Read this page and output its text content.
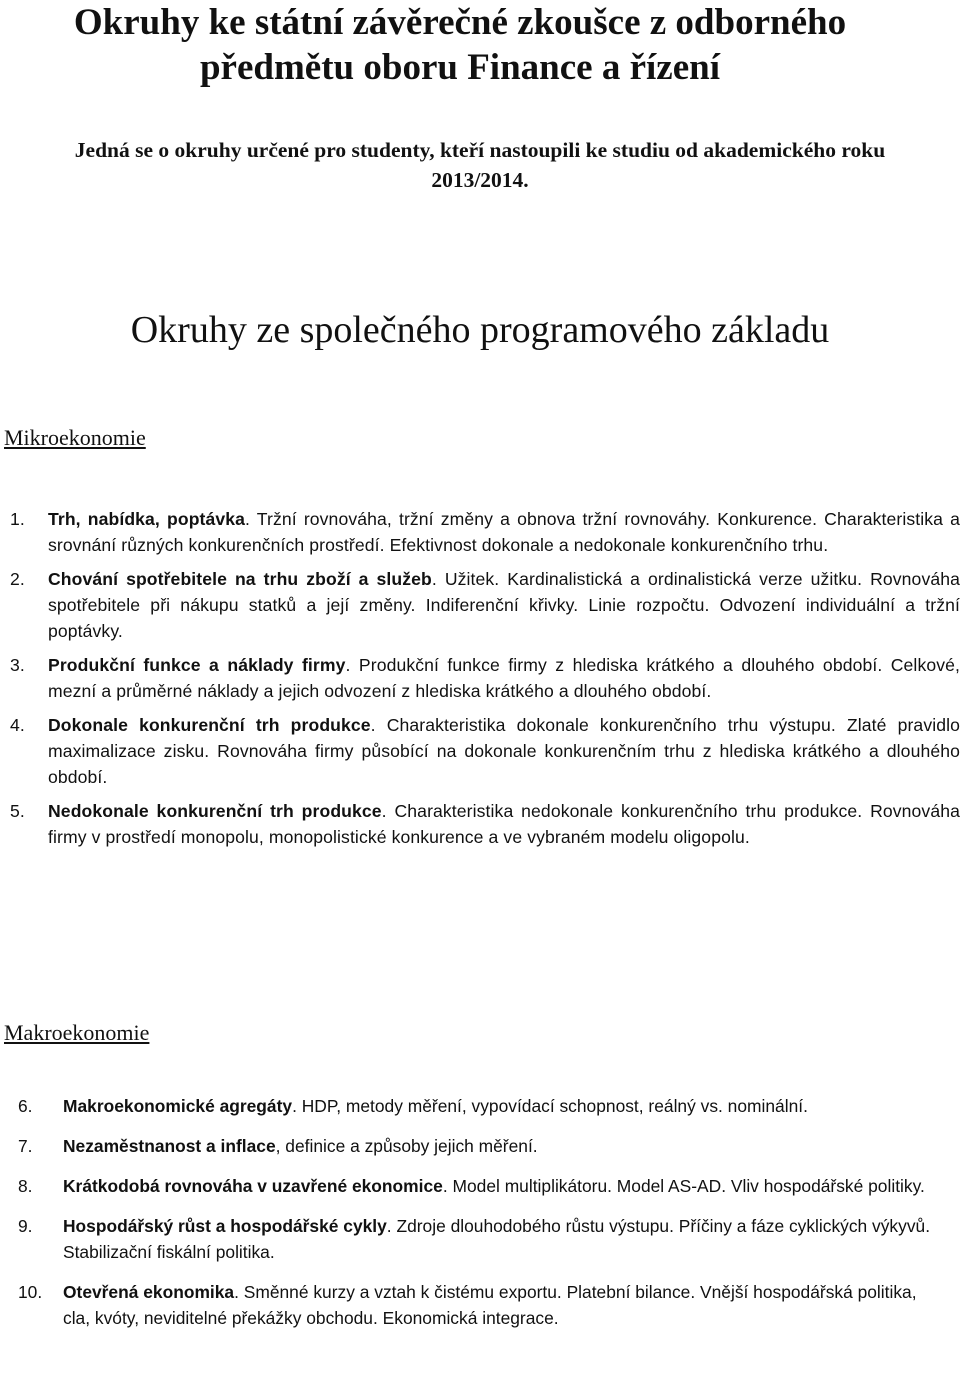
Okruhy ke státní závěrečné zkoušce z odborného

předmětu oboru Finance a řízení

Jedná se o okruhy určené pro studenty, kteří nastoupili ke studiu od akademického roku
2013/2014.
Okruhy ze společného programového základu
Mikroekonomie
1.	Trh, nabídka, poptávka. Tržní rovnováha, tržní změny a obnova tržní rovnováhy. Konkurence. Charakteristika a srovnání různých konkurenčních prostředí. Efektivnost dokonale a nedokonale konkurenčního trhu.
2.	Chování spotřebitele na trhu zboží a služeb. Užitek. Kardinalistická a ordinalistická verze užitku. Rovnováha spotřebitele při nákupu statků a její změny. Indiferenční křivky. Linie rozpočtu. Odvození individuální a tržní poptávky.
3.	Produkční funkce a náklady firmy. Produkční funkce firmy z hlediska krátkého a dlouhého období. Celkové, mezní a průměrné náklady a jejich odvození z hlediska krátkého a dlouhého období.
4.	Dokonale konkurenční trh produkce. Charakteristika dokonale konkurenčního trhu výstupu. Zlaté pravidlo maximalizace zisku. Rovnováha firmy působící na dokonale konkurenčním trhu z hlediska krátkého a dlouhého období.
5.	Nedokonale konkurenční trh produkce. Charakteristika nedokonale konkurenčního trhu produkce. Rovnováha firmy v prostředí monopolu, monopolistické konkurence a ve vybraném modelu oligopolu.
Makroekonomie
6.	Makroekonomické agregáty. HDP, metody měření, vypovídací schopnost, reálný vs. nominální.
7.	Nezaměstnanost a inflace, definice a způsoby jejich měření.
8.	Krátkodobá rovnováha v uzavřené ekonomice. Model multiplikátoru. Model AS-AD. Vliv hospodářské politiky.
9.	Hospodářský růst a hospodářské cykly. Zdroje dlouhodobého růstu výstupu. Příčiny a fáze cyklických výkyvů. Stabilizační fiskální politika.
10.	Otevřená ekonomika. Směnné kurzy a vztah k čistému exportu. Platební bilance. Vnější hospodářská politika, cla, kvóty, neviditelné překážky obchodu. Ekonomická integrace.
